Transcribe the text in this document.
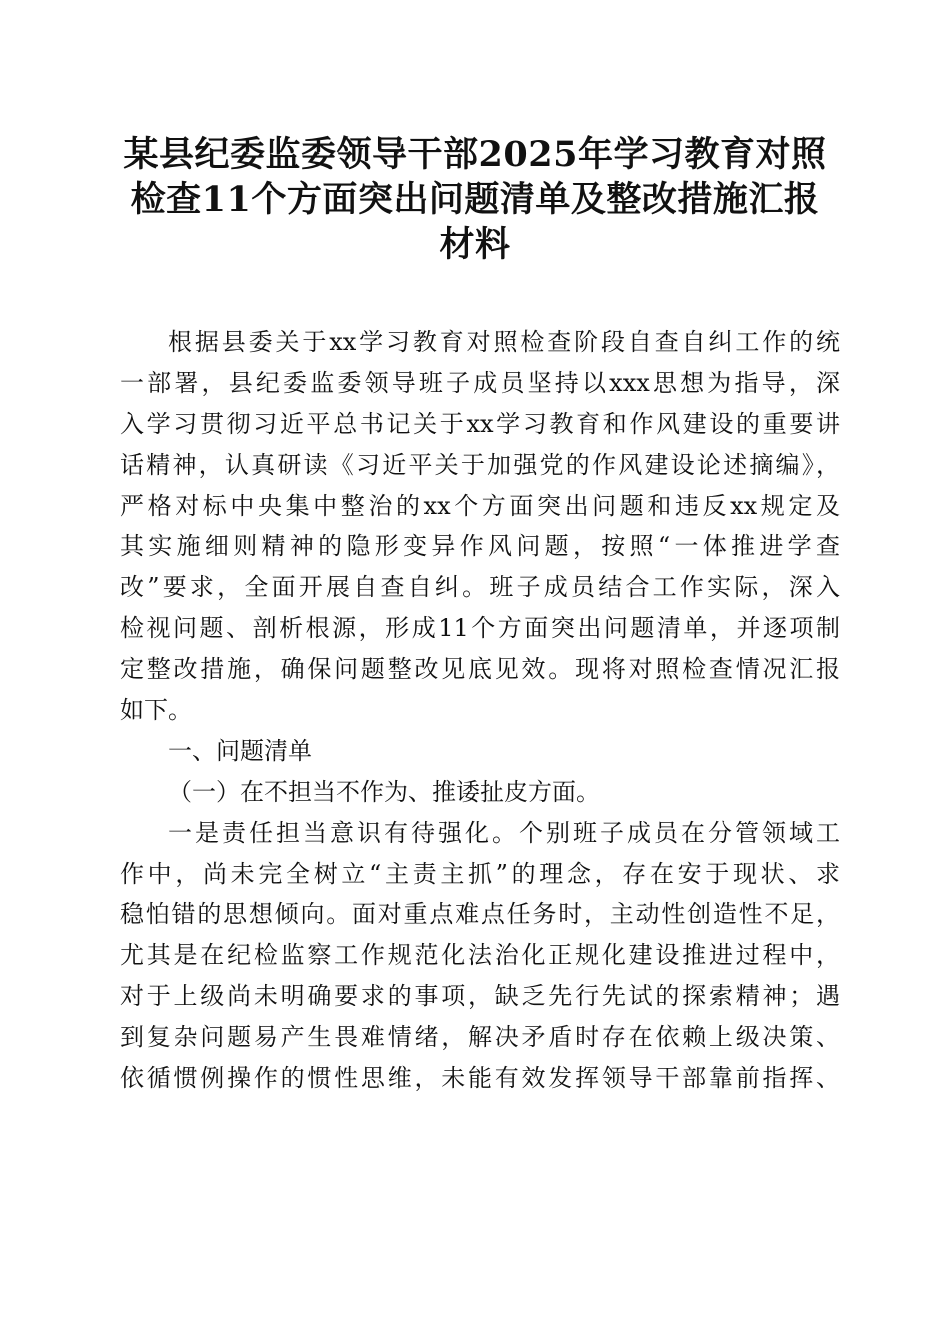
某县纪委监委领导干部2025年学习教育对照
检查11个方面突出问题清单及整改措施汇报
材料
根据县委关于xx学习教育对照检查阶段自查自纠工作的统
一部署，县纪委监委领导班子成员坚持以xxx思想为指导，深
入学习贯彻习近平总书记关于xx学习教育和作风建设的重要讲
话精神，认真研读《习近平关于加强党的作风建设论述摘编》，
严格对标中央集中整治的xx个方面突出问题和违反xx规定及
其实施细则精神的隐形变异作风问题，按照“一体推进学查
改”要求，全面开展自查自纠。班子成员结合工作实际，深入
检视问题、剖析根源，形成11个方面突出问题清单，并逐项制
定整改措施，确保问题整改见底见效。现将对照检查情况汇报
如下。
一、问题清单
（一）在不担当不作为、推诿扯皮方面。
一是责任担当意识有待强化。个别班子成员在分管领域工
作中，尚未完全树立“主责主抓”的理念，存在安于现状、求
稳怕错的思想倾向。面对重点难点任务时，主动性创造性不足，
尤其是在纪检监察工作规范化法治化正规化建设推进过程中，
对于上级尚未明确要求的事项，缺乏先行先试的探索精神；遇
到复杂问题易产生畏难情绪，解决矛盾时存在依赖上级决策、
依循惯例操作的惯性思维，未能有效发挥领导干部靠前指挥、
